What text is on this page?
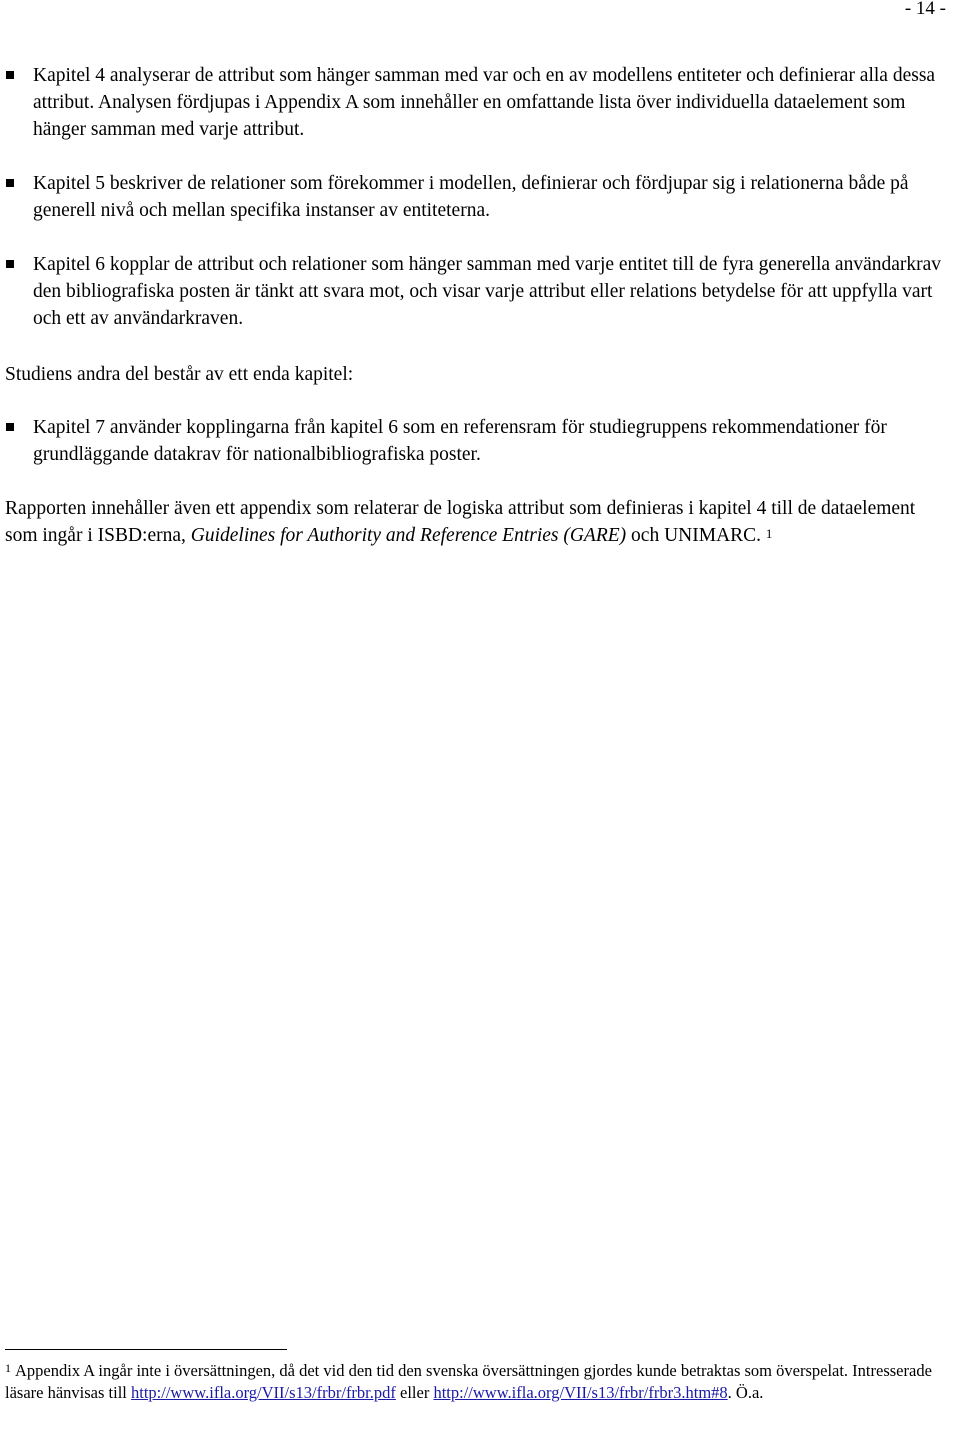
- 14 -
Kapitel 4 analyserar de attribut som hänger samman med var och en av modellens entiteter och definierar alla dessa attribut. Analysen fördjupas i Appendix A som innehåller en omfattande lista över individuella dataelement som hänger samman med varje attribut.
Kapitel 5 beskriver de relationer som förekommer i modellen, definierar och fördjupar sig i relationerna både på generell nivå och mellan specifika instanser av entiteterna.
Kapitel 6 kopplar de attribut och relationer som hänger samman med varje entitet till de fyra generella användarkrav den bibliografiska posten är tänkt att svara mot, och visar varje attribut eller relations betydelse för att uppfylla vart och ett av användarkraven.

Studiens andra del består av ett enda kapitel:

Kapitel 7 använder kopplingarna från kapitel 6 som en referensram för studiegruppens rekommendationer för grundläggande datakrav för nationalbibliografiska poster.

Rapporten innehåller även ett appendix som relaterar de logiska attribut som definieras i kapitel 4 till de dataelement som ingår i ISBD:erna, Guidelines for Authority and Reference Entries (GARE) och UNIMARC. $^1$

$^1$ Appendix A ingår inte i översättningen, då det vid den tid den svenska översättningen gjordes kunde betraktas som överspelat. Intresserade läsare hänvisas till http://www.ifla.org/VII/s13/frbr/frbr.pdf eller http://www.ifla.org/VII/s13/frbr/frbr3.htm#8. Ö.a.
